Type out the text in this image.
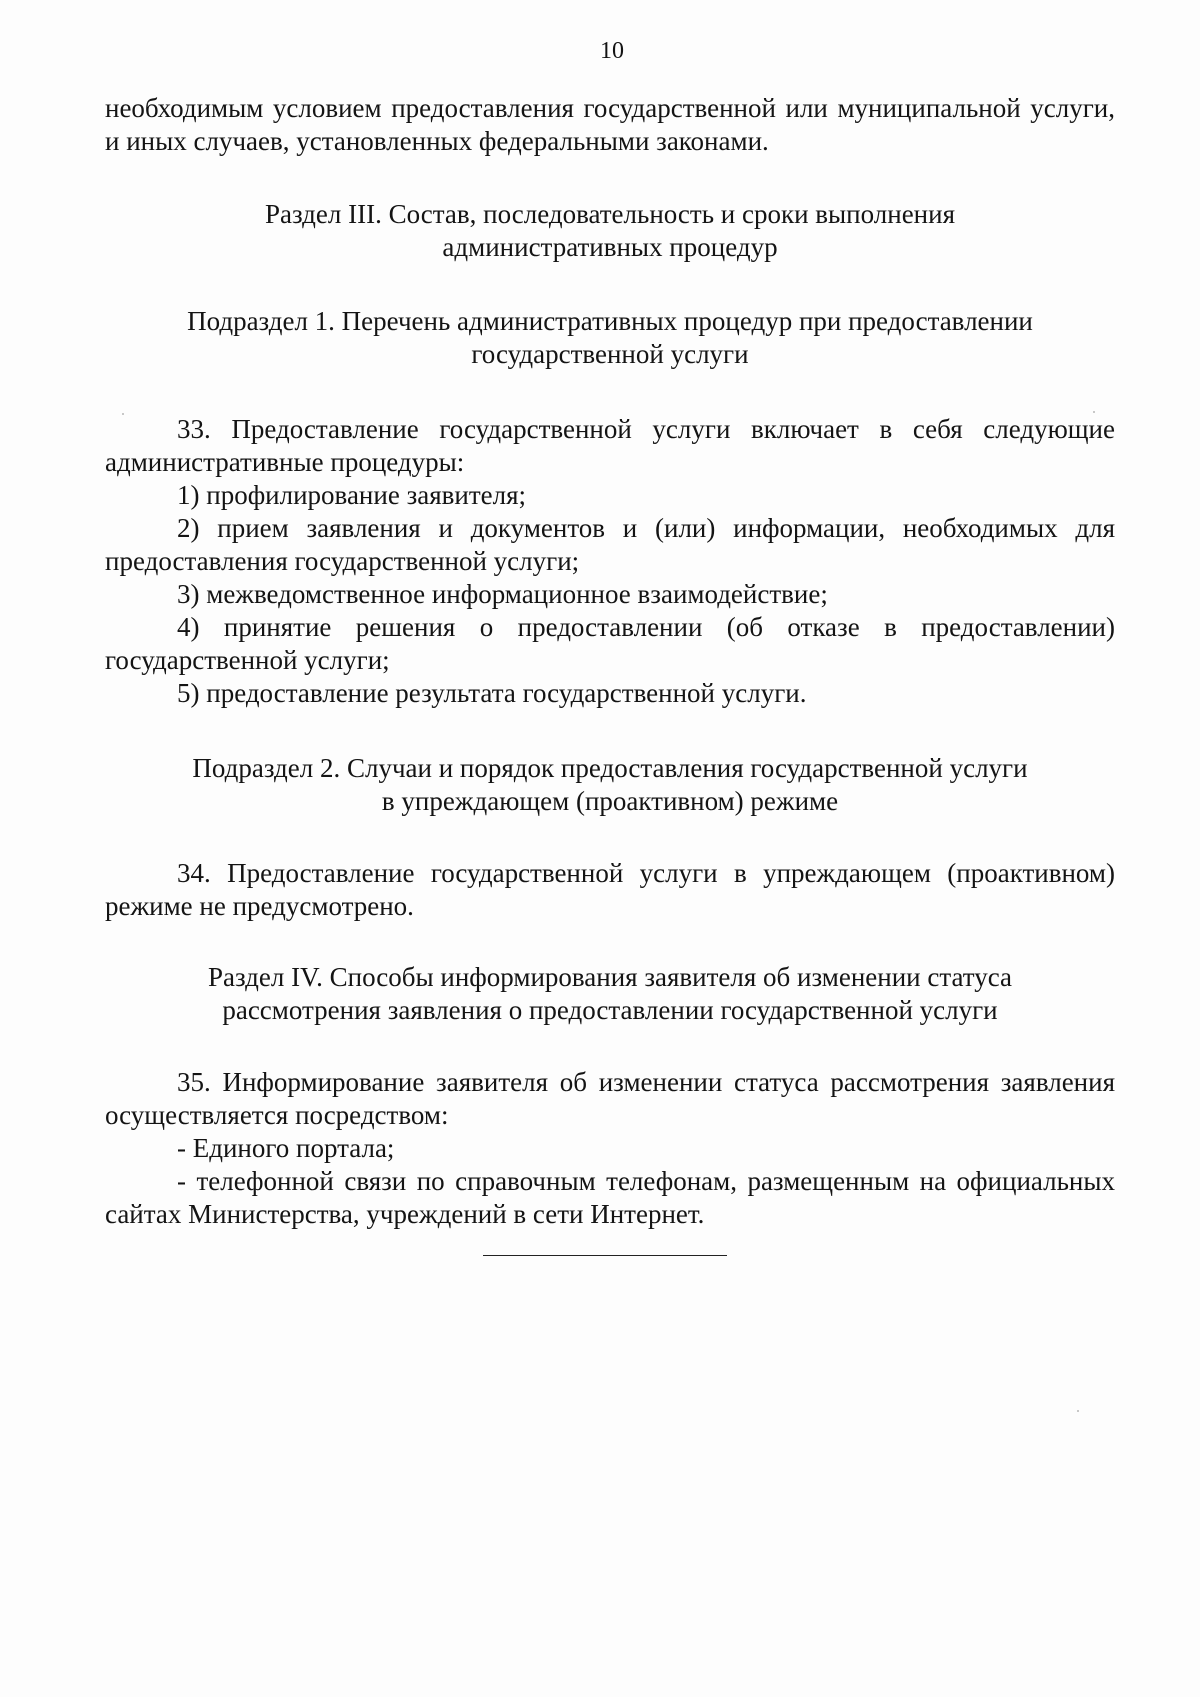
10

необходимым условием предоставления государственной или муниципальной услуги, и иных случаев, установленных федеральными законами.

Раздел III. Состав, последовательность и сроки выполнения
административных процедур
Подраздел 1. Перечень административных процедур при предоставлении
государственной услуги

33. Предоставление государственной услуги включает в себя следующие административные процедуры:

1) профилирование заявителя;

2) прием заявления и документов и (или) информации, необходимых для предоставления государственной услуги;

3) межведомственное информационное взаимодействие;

4) принятие решения о предоставлении (об отказе в предоставлении) государственной услуги;

5) предоставление результата государственной услуги.

Подраздел 2. Случаи и порядок предоставления государственной услуги
в упреждающем (проактивном) режиме

34. Предоставление государственной услуги в упреждающем (проактивном) режиме не предусмотрено.

Раздел IV. Способы информирования заявителя об изменении статуса
рассмотрения заявления о предоставлении государственной услуги

35. Информирование заявителя об изменении статуса рассмотрения заявления осуществляется посредством:

- Единого портала;

- телефонной связи по справочным телефонам, размещенным на официальных сайтах Министерства, учреждений в сети Интернет.
